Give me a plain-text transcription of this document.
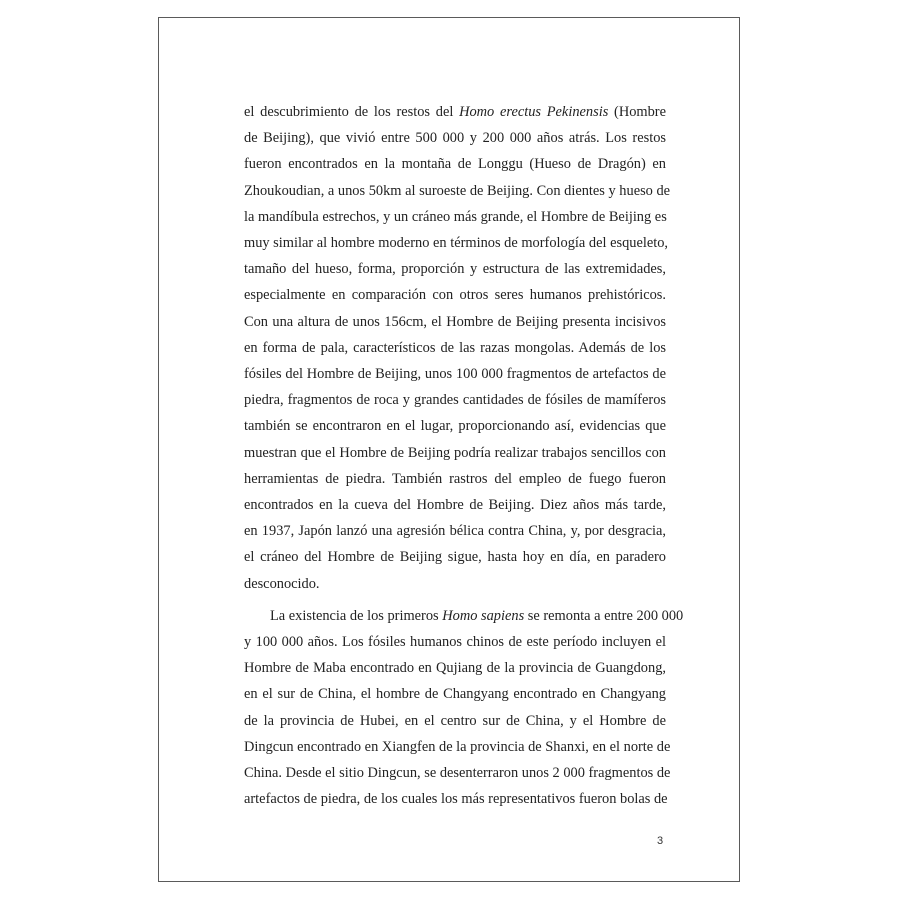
el descubrimiento de los restos del Homo erectus Pekinensis (Hombre
de Beijing), que vivió entre 500 000 y 200 000 años atrás. Los restos
fueron encontrados en la montaña de Longgu (Hueso de Dragón) en
Zhoukoudian, a unos 50km al suroeste de Beijing. Con dientes y hueso de
la mandíbula estrechos, y un cráneo más grande, el Hombre de Beijing es
muy similar al hombre moderno en términos de morfología del esqueleto,
tamaño del hueso, forma, proporción y estructura de las extremidades,
especialmente en comparación con otros seres humanos prehistóricos.
Con una altura de unos 156cm, el Hombre de Beijing presenta incisivos
en forma de pala, característicos de las razas mongolas. Además de los
fósiles del Hombre de Beijing, unos 100 000 fragmentos de artefactos de
piedra, fragmentos de roca y grandes cantidades de fósiles de mamíferos
también se encontraron en el lugar, proporcionando así, evidencias que
muestran que el Hombre de Beijing podría realizar trabajos sencillos con
herramientas de piedra. También rastros del empleo de fuego fueron
encontrados en la cueva del Hombre de Beijing. Diez años más tarde,
en 1937, Japón lanzó una agresión bélica contra China, y, por desgracia,
el cráneo del Hombre de Beijing sigue, hasta hoy en día, en paradero
desconocido.
La existencia de los primeros Homo sapiens se remonta a entre 200 000
y 100 000 años. Los fósiles humanos chinos de este período incluyen el
Hombre de Maba encontrado en Qujiang de la provincia de Guangdong,
en el sur de China, el hombre de Changyang encontrado en Changyang
de la provincia de Hubei, en el centro sur de China, y el Hombre de
Dingcun encontrado en Xiangfen de la provincia de Shanxi, en el norte de
China. Desde el sitio Dingcun, se desenterraron unos 2 000 fragmentos de
artefactos de piedra, de los cuales los más representativos fueron bolas de
3
